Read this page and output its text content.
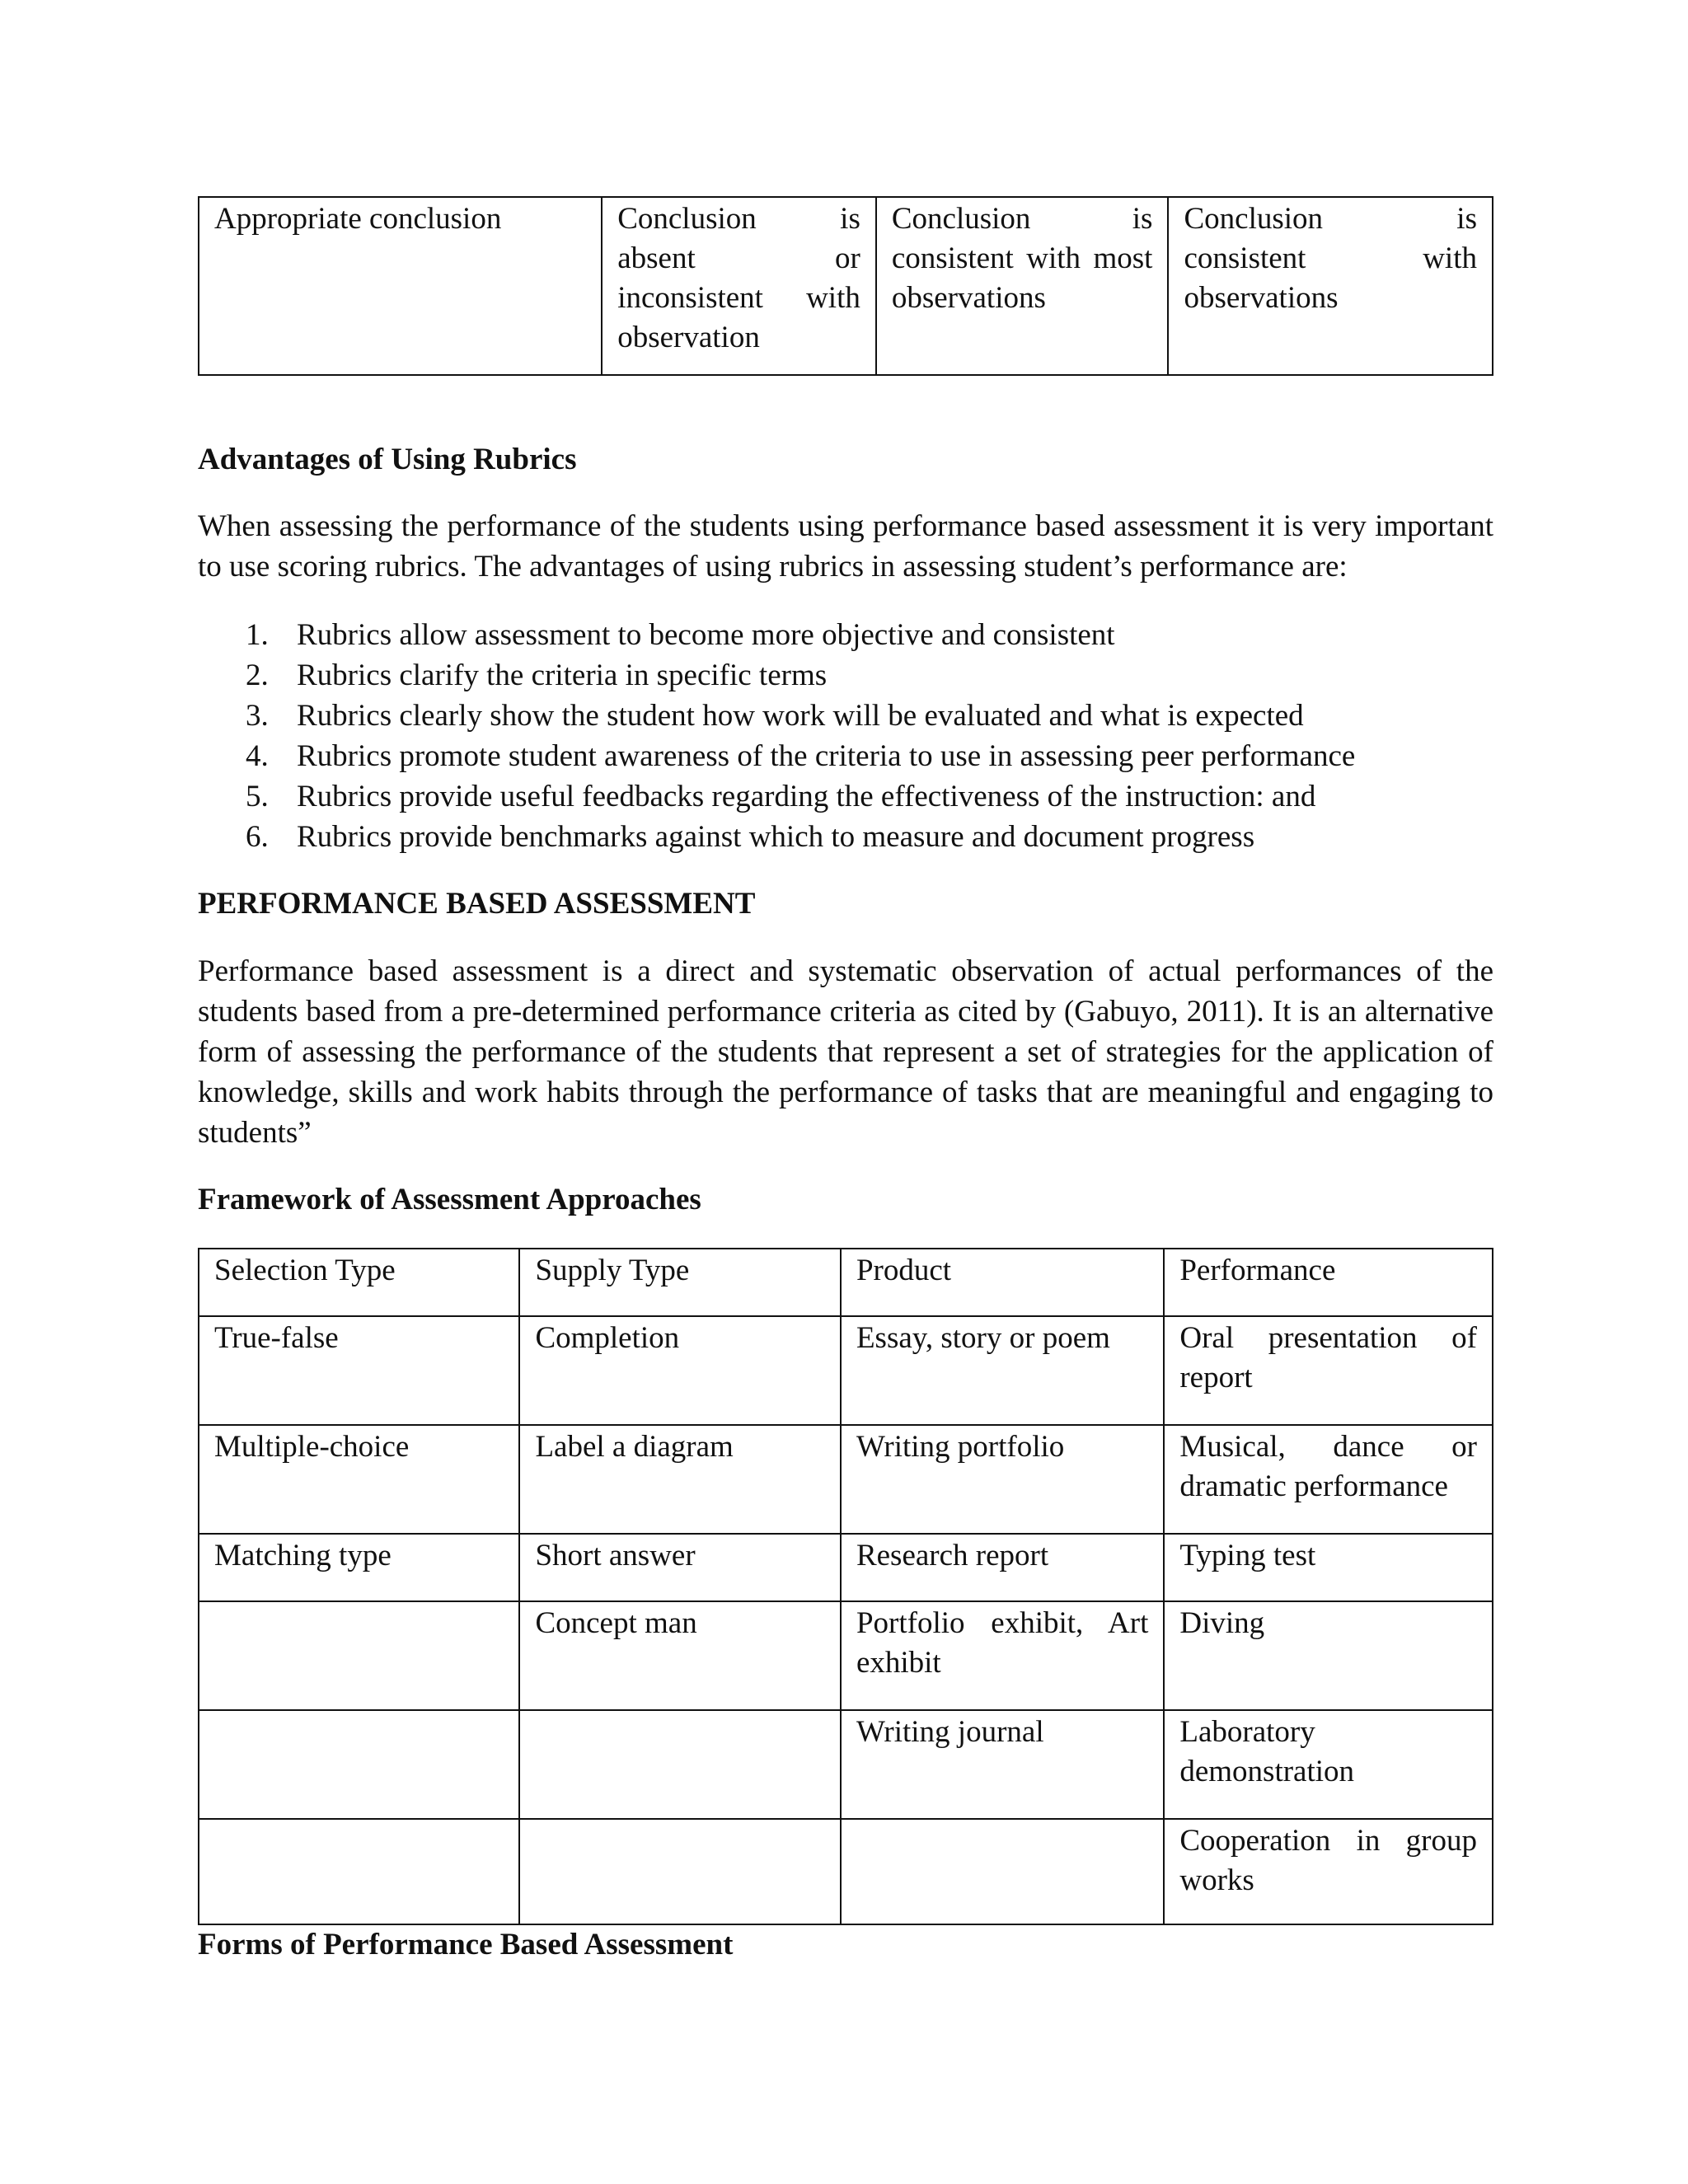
Appropriate conclusion	Conclusion is absent or inconsistent with observation	Conclusion is consistent with most observations	Conclusion is consistent with observations
Advantages of Using Rubrics

When assessing the performance of the students using performance based assessment it is very important to use scoring rubrics. The advantages of using rubrics in assessing student’s performance are:

1. Rubrics allow assessment to become more objective and consistent
2. Rubrics clarify the criteria in specific terms
3. Rubrics clearly show the student how work will be evaluated and what is expected
4. Rubrics promote student awareness of the criteria to use in assessing peer performance
5. Rubrics provide useful feedbacks regarding the effectiveness of the instruction: and
6. Rubrics provide benchmarks against which to measure and document progress
PERFORMANCE BASED ASSESSMENT

Performance based assessment is a direct and systematic observation of actual performances of the students based from a pre-determined performance criteria as cited by (Gabuyo, 2011). It is an alternative form of assessing the performance of the students that represent a set of strategies for the application of knowledge, skills and work habits through the performance of tasks that are meaningful and engaging to students”

Framework of Assessment Approaches
Selection Type	Supply Type	Product	Performance
True-false	Completion	Essay, story or poem	Oral presentation of report
Multiple-choice	Label a diagram	Writing portfolio	Musical, dance or dramatic performance
Matching type	Short answer	Research report	Typing test
	Concept man	Portfolio exhibit, Art exhibit	Diving
		Writing journal	Laboratory demonstration
			Cooperation in group works
Forms of Performance Based Assessment
